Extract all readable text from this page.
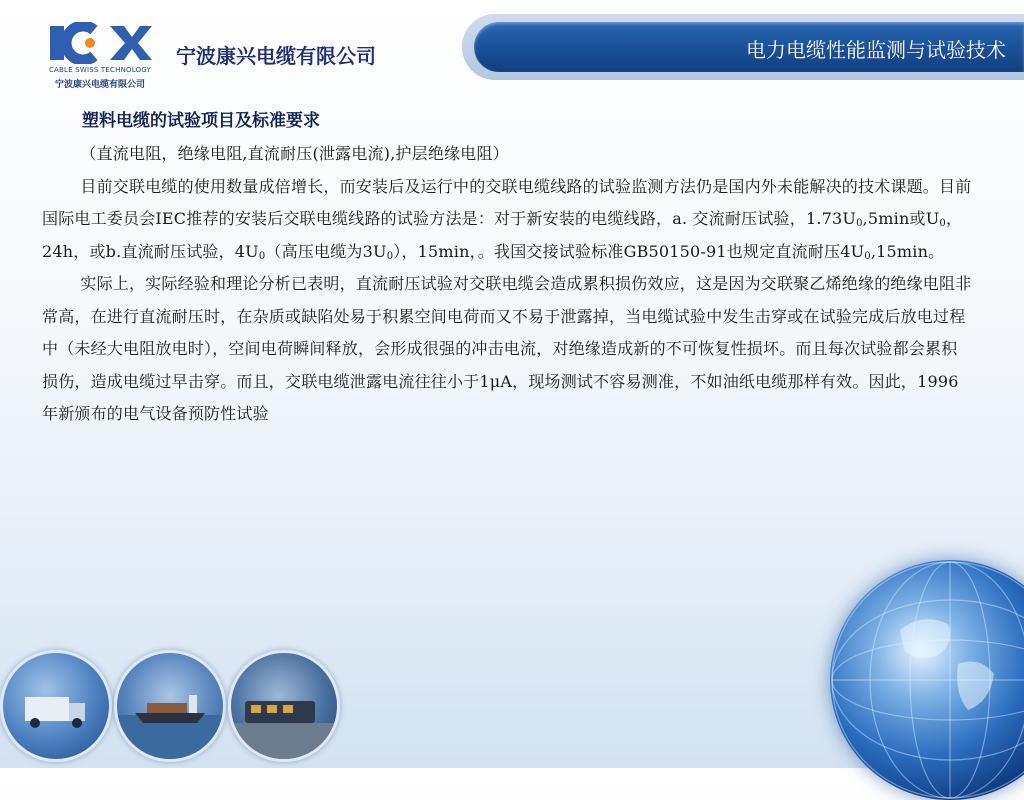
CABLE SWISS TECHNOLOGY
宁波康兴电缆有限公司
宁波康兴电缆有限公司	电力电缆性能监测与试验技术

塑料电缆的试验项目及标准要求

（直流电阻，绝缘电阻,直流耐压(泄露电流),护层绝缘电阻）

目前交联电缆的使用数量成倍增长，而安装后及运行中的交联电缆线路的试验监测方法仍是国内外未能解决的技术课题。目前国际电工委员会IEC推荐的安装后交联电缆线路的试验方法是：对于新安装的电缆线路，a. 交流耐压试验，$1.73U_0,5\min$或$U_0$，24h，或b.直流耐压试验，$4U_0$（高压电缆为$3U_0$），15min，。我国交接试验标准GB50150-91也规定直流耐压$4U_0,15\min$。

实际上，实际经验和理论分析已表明，直流耐压试验对交联电缆会造成累积损伤效应，这是因为交联聚乙烯绝缘的绝缘电阻非常高，在进行直流耐压时，在杂质或缺陷处易于积累空间电荷而又不易于泄露掉，当电缆试验中发生击穿或在试验完成后放电过程中（未经大电阻放电时），空间电荷瞬间释放，会形成很强的冲击电流，对绝缘造成新的不可恢复性损坏。而且每次试验都会累积损伤，造成电缆过早击穿。而且，交联电缆泄露电流往往小于1μA，现场测试不容易测准，不如油纸电缆那样有效。因此，1996年新颁布的电气设备预防性试验
